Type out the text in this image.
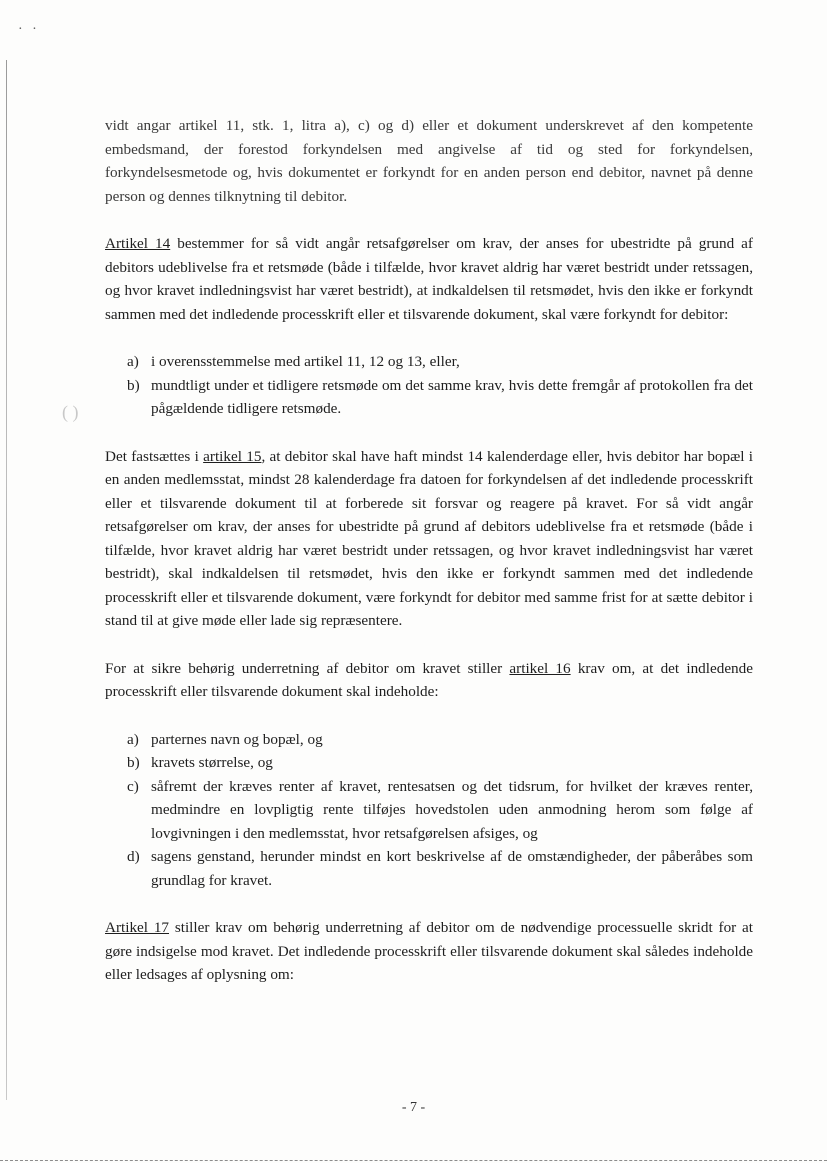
· ·
( )

vidt angar artikel 11, stk. 1, litra a), c) og d) eller et dokument underskrevet af den kompetente embedsmand, der forestod forkyndelsen med angivelse af tid og sted for forkyndelsen, forkyndelsesmetode og, hvis dokumentet er forkyndt for en anden person end debitor, navnet på denne person og dennes tilknytning til debitor.

Artikel 14 bestemmer for så vidt angår retsafgørelser om krav, der anses for ubestridte på grund af debitors udeblivelse fra et retsmøde (både i tilfælde, hvor kravet aldrig har været bestridt under retssagen, og hvor kravet indledningsvist har været bestridt), at indkaldelsen til retsmødet, hvis den ikke er forkyndt sammen med det indledende processkrift eller et tilsvarende dokument, skal være forkyndt for debitor:

a) i overensstemmelse med artikel 11, 12 og 13, eller,
b) mundtligt under et tidligere retsmøde om det samme krav, hvis dette fremgår af protokollen fra det pågældende tidligere retsmøde.

Det fastsættes i artikel 15, at debitor skal have haft mindst 14 kalenderdage eller, hvis debitor har bopæl i en anden medlemsstat, mindst 28 kalenderdage fra datoen for forkyndelsen af det indledende processkrift eller et tilsvarende dokument til at forberede sit forsvar og reagere på kravet. For så vidt angår retsafgørelser om krav, der anses for ubestridte på grund af debitors udeblivelse fra et retsmøde (både i tilfælde, hvor kravet aldrig har været bestridt under retssagen, og hvor kravet indledningsvist har været bestridt), skal indkaldelsen til retsmødet, hvis den ikke er forkyndt sammen med det indledende processkrift eller et tilsvarende dokument, være forkyndt for debitor med samme frist for at sætte debitor i stand til at give møde eller lade sig repræsentere.

For at sikre behørig underretning af debitor om kravet stiller artikel 16 krav om, at det indledende processkrift eller tilsvarende dokument skal indeholde:

a) parternes navn og bopæl, og
b) kravets størrelse, og
c) såfremt der kræves renter af kravet, rentesatsen og det tidsrum, for hvilket der kræves renter, medmindre en lovpligtig rente tilføjes hovedstolen uden anmodning herom som følge af lovgivningen i den medlemsstat, hvor retsafgørelsen afsiges, og
d) sagens genstand, herunder mindst en kort beskrivelse af de omstændigheder, der påberåbes som grundlag for kravet.

Artikel 17 stiller krav om behørig underretning af debitor om de nødvendige processuelle skridt for at gøre indsigelse mod kravet. Det indledende processkrift eller tilsvarende dokument skal således indeholde eller ledsages af oplysning om:

- 7 -
